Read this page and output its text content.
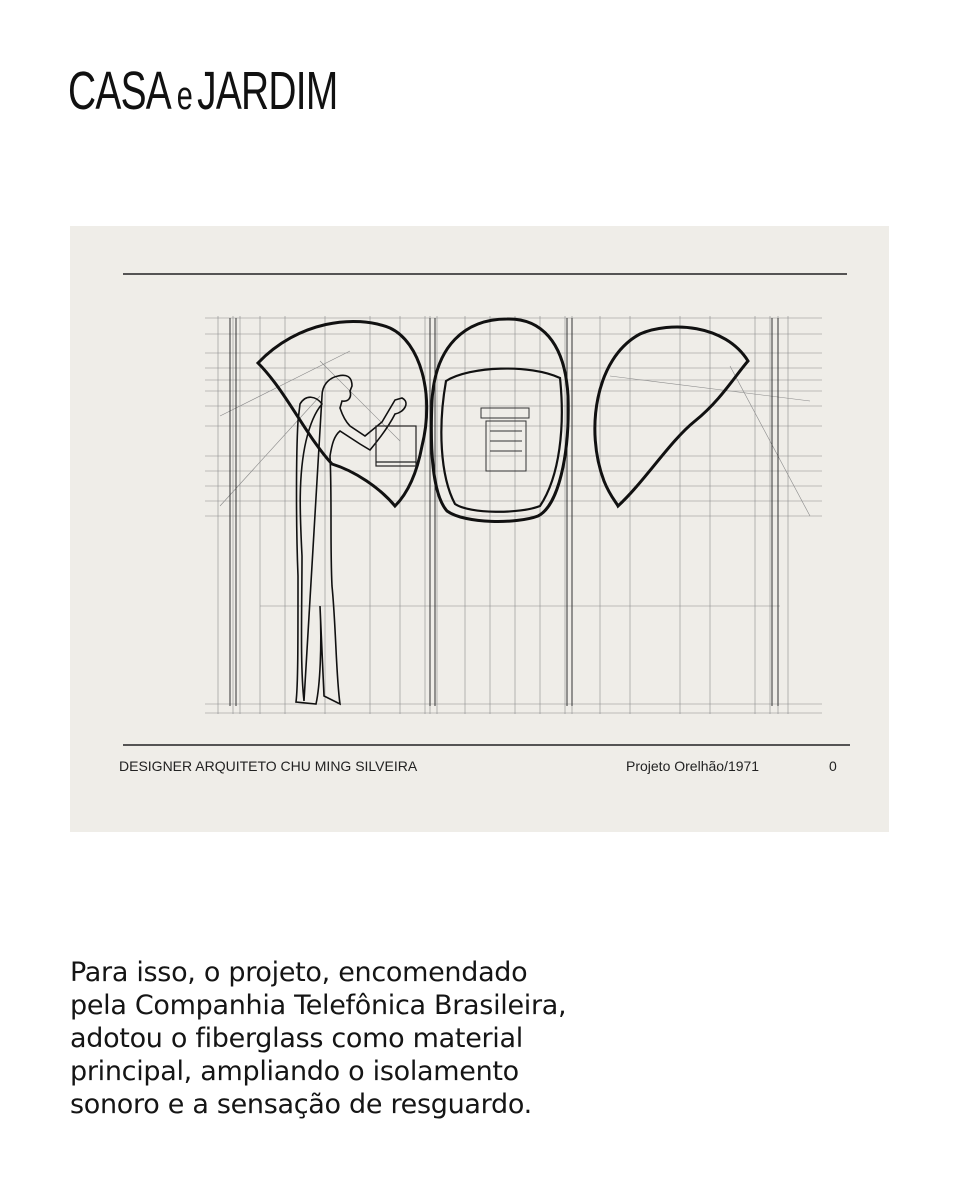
CASA e JARDIM
DESIGNER ARQUITETO CHU MING SILVEIRA	Projeto Orelhão/1971	0
Para isso, o projeto, encomendado
pela Companhia Telefônica Brasileira,
adotou o fiberglass como material
principal, ampliando o isolamento
sonoro e a sensação de resguardo.
